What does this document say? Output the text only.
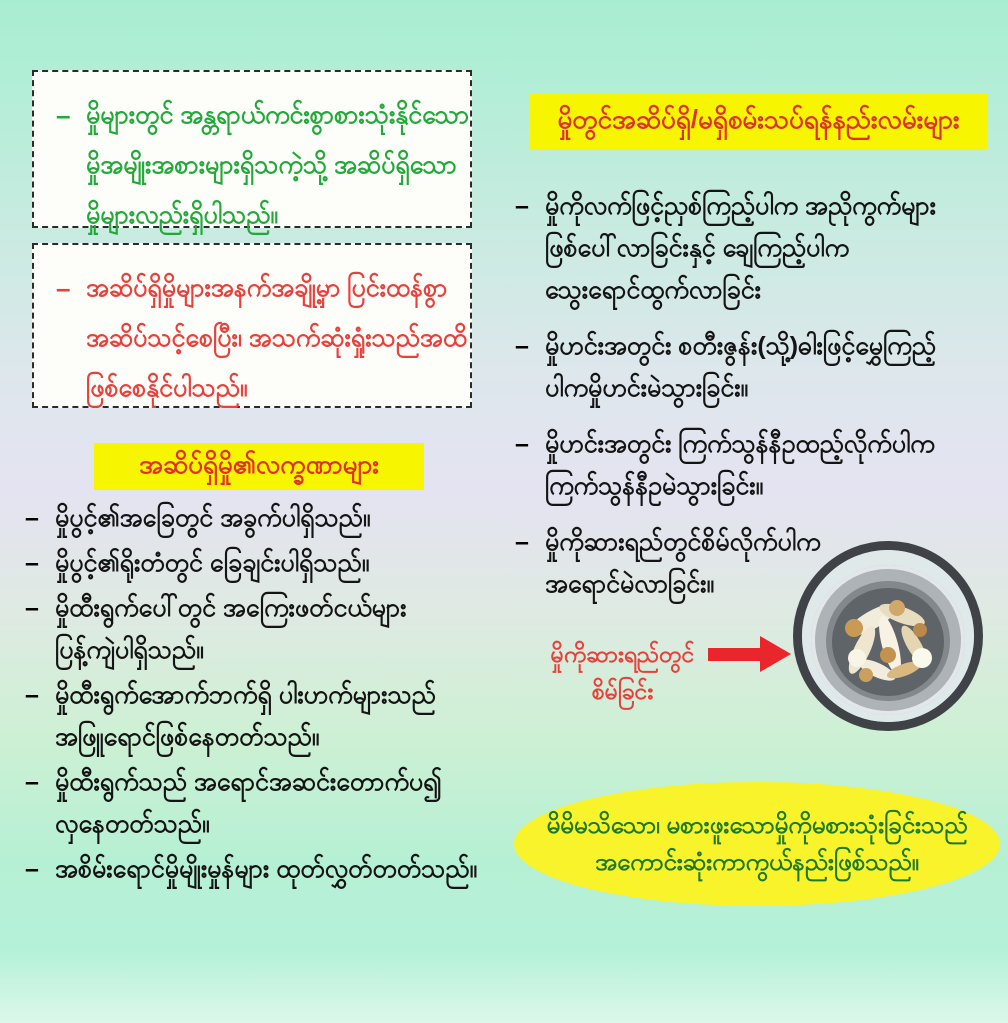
– မှိုများတွင် အန္တရာယ်ကင်းစွာစားသုံးနိုင်သော
မှိုအမျိုးအစားများရှိသကဲ့သို့ အဆိပ်ရှိသော
မှိုများလည်းရှိပါသည်။
– အဆိပ်ရှိမှိုများအနက်အချို့မှာ ပြင်းထန်စွာ
အဆိပ်သင့်စေပြီး၊ အသက်ဆုံးရှုံးသည်အထိ
ဖြစ်စေနိုင်ပါသည်။
အဆိပ်ရှိမှို၏လက္ခဏာများ
– မှိုပွင့်၏အခြေတွင် အခွက်ပါရှိသည်။
– မှိုပွင့်၏ရိုးတံတွင် ခြေချင်းပါရှိသည်။
– မှိုထီးရွက်ပေါ်တွင် အကြေးဖတ်ငယ်များ
ပြန့်ကျဲပါရှိသည်။
– မှိုထီးရွက်အောက်ဘက်ရှိ ပါးဟက်များသည်
အဖြူရောင်ဖြစ်နေတတ်သည်။
– မှိုထီးရွက်သည် အရောင်အဆင်းတောက်ပ၍
လှနေတတ်သည်။
– အစိမ်းရောင်မှိုမျိုးမှုန်များ ထုတ်လွှတ်တတ်သည်။
မှိုတွင်အဆိပ်ရှိ/မရှိစမ်းသပ်ရန်နည်းလမ်းများ
– မှိုကိုလက်ဖြင့်ညှစ်ကြည့်ပါက အညိုကွက်များ
ဖြစ်ပေါ်လာခြင်းနှင့် ချေကြည့်ပါက
သွေးရောင်ထွက်လာခြင်း
– မှိုဟင်းအတွင်း စတီးဇွန်း(သို့)ဓါးဖြင့်မွှေကြည့်
ပါကမှိုဟင်းမဲသွားခြင်း။
– မှိုဟင်းအတွင်း ကြက်သွန်နီဥထည့်လိုက်ပါက
ကြက်သွန်နီဥမဲသွားခြင်း။
– မှိုကိုဆားရည်တွင်စိမ်လိုက်ပါက
အရောင်မဲလာခြင်း။
မှိုကိုဆားရည်တွင်
စိမ်ခြင်း
မိမိမသိသော၊ မစားဖူးသောမှိုကိုမစားသုံးခြင်းသည်
အကောင်းဆုံးကာကွယ်နည်းဖြစ်သည်။
